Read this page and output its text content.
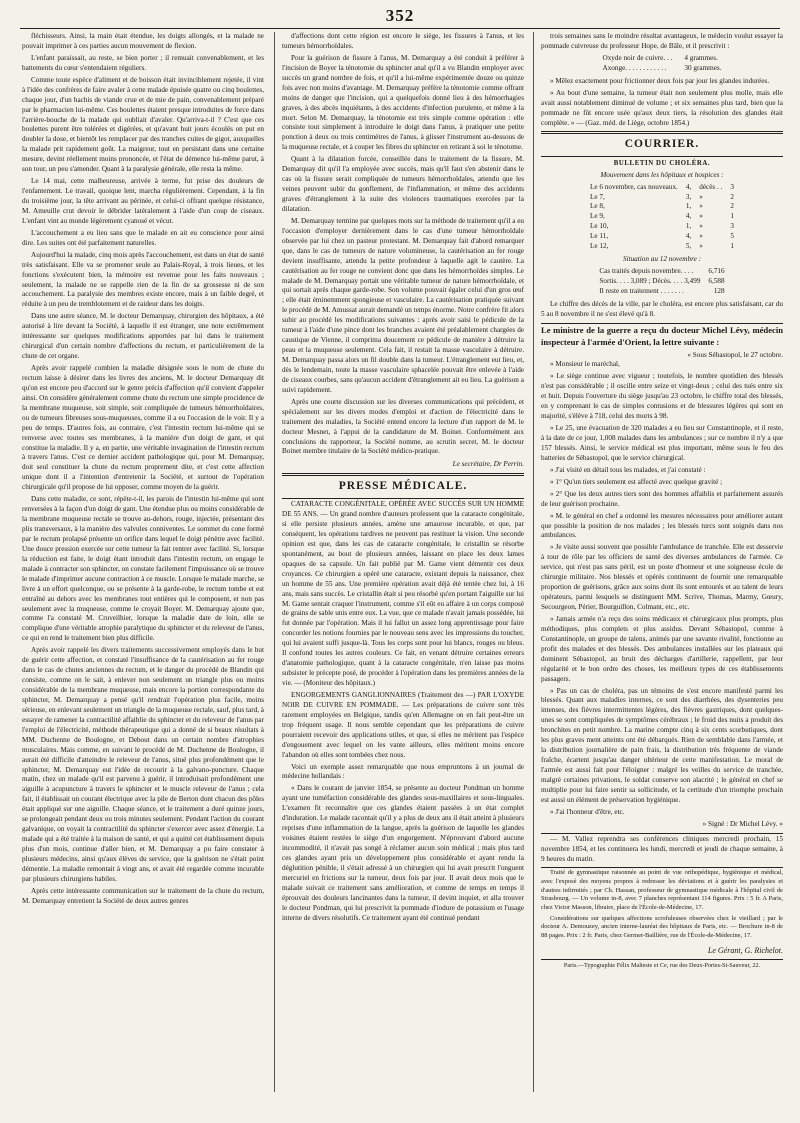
352

fléchisseurs. Ainsi, la main était étendue, les doigts allongés, et la malade ne pouvait imprimer à ces parties aucun mouvement de flexion.

L'enfant paraissait, au reste, se bien porter ; il remuait convenablement, et les battements du cœur s'entendaient réguliers.

Comme toute espèce d'aliment et de boisson était invinciblement rejetée, il vint à l'idée des confrères de faire avaler à cette malade épuisée quatre ou cinq boulettes, chaque jour, d'un hachis de viande crue et de mie de pain, convenablement préparé par le pharmacien lui-même. Ces boulettes étaient presque introduites de force dans l'arrière-bouche de la malade qui oubliait d'avaler. Qu'arriva-t-il ? C'est que ces boulettes purent être tolérées et digérées, et qu'avant huit jours écoulés on put en doubler la dose, et bientôt les remplacer par des tranches cuites de gigot, auxquelles la malade prit rapidement goût. La maigreur, tout en persistant dans une certaine mesure, devint réellement moins prononcée, et l'état de démence lui-même parut, à son tour, un peu s'amender. Quant à la paralysie générale, elle resta la même.

Le 14 mai, cette malheureuse, arrivée à terme, fut prise des douleurs de l'enfantement. Le travail, quoique lent, marcha régulièrement. Cependant, à la fin du troisième jour, la tête arrivant au périnée, et celui-ci offrant quelque résistance, M. Ameuille crut devoir le débrider latéralement à l'aide d'un coup de ciseaux. L'enfant vint au monde légèrement cyanosé et vécut.

L'accouchement a eu lieu sans que le malade en ait eu conscience pour ainsi dire. Les suites ont été parfaitement naturelles.

Aujourd'hui la malade, cinq mois après l'accouchement, est dans un état de santé très satisfaisant. Elle va se promener seule au Palais-Royal, à trois lieues, et les fonctions s'exécutent bien, la mémoire est revenue pour les faits nouveaux ; seulement, la malade ne se rappelle rien de la fin de sa grossesse ni de son accouchement. La paralysie des membres existe encore, mais à un faible degré, et réduite à un peu de tremblotement et de raideur dans les doigts.

Dans une autre séance, M. le docteur Demarquay, chirurgien des hôpitaux, a été autorisé à lire devant la Société, à laquelle il est étranger, une note extrêmement intéressante sur quelques modifications apportées par lui dans le traitement chirurgical d'un certain nombre d'affections du rectum, et particulièrement de la chute de cet organe.

Après avoir rappelé combien la maladie désignée sous le nom de chute du rectum laisse à désirer dans les livres des anciens, M. le docteur Demarquay dit qu'on est encore peu d'accord sur le genre précis d'affection qu'il convient d'appeler ainsi. On considère généralement comme chute du rectum une simple procidence de la membrane muqueuse, soit simple, soit compliquée de tumeurs hémorrhoïdaires, ou de tumeurs fibreuses sous-muqueuses, comme il a eu l'occasion de le voir. Il y a peu de temps. D'autres fois, au contraire, c'est l'intestin rectum lui-même qui se renverse avec toutes ses membranes, à la manière d'un doigt de gant, et qui constitue la maladie. Il y a, en partie, une véritable invagination de l'intestin rectum à travers l'anus. C'est ce dernier accident pathologique qui, pour M. Demarquay, doit seul constituer la chute du rectum proprement dite, et c'est cette affection unique dont il a l'intention d'entretenir la Société, et surtout de l'opération chirurgicale qu'il propose de lui opposer, comme moyen de la guérir.

Dans cette maladie, ce sont, répète-t-il, les parois de l'intestin lui-même qui sont renversées à la façon d'un doigt de gant. Une étendue plus ou moins considérable de la membrane muqueuse rectale se trouve au-dehors, rouge, injectée, présentant des plis transversaux, à la manière des valvules conniventes. Le sommet du cone formé par le rectum prolapsé présente un orifice dans lequel le doigt pénètre avec facilité. Une douce pression exercée sur cette tumeur la fait rentrer avec facilité. Si, lorsque la réduction est faite, le doigt étant introduit dans l'intestin rectum, on engage le malade à contracter son sphincter, on constate facilement l'impuissance où se trouve le malade d'imprimer aucune contraction à ce muscle. Lorsque le malade marche, se livre à un effort quelconque, ou se présente à la garde-robe, le rectum tombe et est entraîné au dehors avec les membranes tout entières qui le composent, et non pas seulement avec la muqueuse, comme le croyait Boyer. M. Demarquay ajoute que, comme l'a constaté M. Cruveilhier, lorsque la maladie date de loin, elle se complique d'une véritable atrophie paralytique du sphincter et du releveur de l'anus, ce qui en rend le traitement bien plus difficile.

Après avoir rappelé les divers traitements successivement employés dans le but de guérir cette affection, et constaté l'insuffisance de la cautérisation au fer rouge dans le cas de chutes anciennes du rectum, et le danger du procédé de Blandin qui consiste, comme on le sait, à enlever non seulement un triangle plus ou moins considérable de la membrane muqueuse, mais encore la portion correspondante du sphincter, M. Demarquay a pensé qu'il rendrait l'opération plus facile, moins sérieuse, en enlevant seulement un triangle de la muqueuse rectale, sauf, plus tard, à essayer de ramener la contractilité affaiblie du sphincter et du releveur de l'anus par l'emploi de l'électricité, méthode thérapeutique qui a donné de si beaux résultats à MM. Duchenne de Boulogne, et Debout dans un certain nombre d'atrophies musculaires. Mais comme, en suivant le procédé de M. Duchenne de Boulogne, il aurait été difficile d'atteindre le releveur de l'anus, situé plus profondément que le sphincter, M. Demarquay eut l'idée de recourir à la galvano-puncture. Chaque matin, chez un malade qu'il est parvenu à guérir, il introduisait profondément une aiguille à acupuncture à travers le sphincter et le muscle releveur de l'anus ; cela fait, il établissait un courant électrique avec la pile de Berton dont chacun des pôles était appliqué sur une aiguille. Chaque séance, et le traitement a duré quinze jours, se prolongeait pendant deux ou trois minutes seulement. Pendant l'action du courant galvanique, on voyait la contractilité du sphincter s'exercer avec assez d'énergie. La malade qui a été traitée à la maison de santé, et qui a quitté cet établissement depuis plus d'un mois, continue d'aller bien, et M. Demarquay a pu faire constater à plusieurs médecins, ainsi qu'aux élèves du service, que la guérison ne s'était point démentie. La maladie remontait à vingt ans, et avait été regardée comme incurable par plusieurs chirurgiens habiles.

Après cette intéressante communication sur le traitement de la chute du rectum, M. Demarquay entretient la Société de deux autres genres

d'affections dont cette région est encore le siège, les fissures à l'anus, et les tumeurs hémorrhoïdales.

Pour la guérison de fissure à l'anus, M. Demarquay a été conduit à préférer à l'incision de Boyer la ténotomie du sphincter anal qu'il a vu Blandin employer avec succès un grand nombre de fois, et qu'il a lui-même expérimentée douze ou quinze fois avec non moins d'avantage. M. Demarquay préfère la ténotomie comme offrant moins de danger que l'incision, qui a quelquefois donné lieu à des hémorrhagies graves, à des abcès inquiétants, à des accidents d'infection purulente, et même à la mort. Selon M. Demarquay, la ténotomie est très simple comme opération : elle consiste tout simplement à introduire le doigt dans l'anus, à pratiquer une petite ponction à deux ou trois centimètres de l'anus, à glisser l'instrument au-dessous de la muqueuse rectale, et à couper les fibres du sphincter en retirant à soi le ténotome.

Quant à la dilatation forcée, conseillée dans le traitement de la fissure, M. Demarquay dit qu'il l'a employée avec succès, mais qu'il faut s'en abstenir dans le cas où la fissure serait compliquée de tumeurs hémorrhoïdales, attendu que les veines peuvent subir du gonflement, de l'inflammation, et même des accidents graves d'étranglement à la suite des violences traumatiques exercées par la dilatation.

M. Demarquay termine par quelques mots sur la méthode de traitement qu'il a eu l'occasion d'employer dernièrement dans le cas d'une tumeur hémorrhoïdale observée par lui chez un pasteur protestant. M. Demarquay fait d'abord remarquer que, dans le cas de tumeurs de nature volumineuse, la cautérisation au fer rouge devient insuffisante, attendu la petite profondeur à laquelle agit le cautère. La cautérisation au fer rouge ne convient donc que dans les hémorrhoïdes simples. Le malade de M. Demarquay portait une véritable tumeur de nature hémorrhoïdale, et qui sortait après chaque garde-robe. Son volume pouvait égaler celui d'un gros œuf ; elle était éminemment spongieuse et vasculaire. La cautérisation pratiquée suivant le procédé de M. Amussat aurait demandé un temps énorme. Notre confrère fit alors subir au procédé les modifications suivantes : après avoir saisi le pédicule de la tumeur à l'aide d'une pince dont les branches avaient été préalablement chargées de caustique de Vienne, il comprima doucement ce pédicule de manière à détruire la peau et la muqueuse seulement. Cela fait, il restait la masse vasculaire à détruire. M. Demarquay passa alors un fil double dans la tumeur. L'étranglement eut lieu, et, dès le lendemain, toute la masse vasculaire sphacelée pouvait être enlevée à l'aide de ciseaux courbes, sans qu'aucun accident d'étranglement ait eu lieu. La guérison a suivi rapidement.

Après une courte discussion sur les diverses communications qui précèdent, et spécialement sur les divers modes d'emploi et d'action de l'électricité dans le traitement des maladies, la Société entend encore la lecture d'un rapport de M. le docteur Mesnet, à l'appui de la candidature de M. Boinet. Conformément aux conclusions du rapporteur, la Société nomme, au scrutin secret, M. le docteur Boinet membre titulaire de la Société médico-pratique.

Le secrétaire, Dr Perrin.
PRESSE MÉDICALE.

CATARACTE CONGÉNITALE, OPÉRÉE AVEC SUCCÈS SUR UN HOMME DE 55 ANS. — Un grand nombre d'auteurs professent que la cataracte congénitale, si elle persiste plusieurs années, amène une amaurose incurable, et que, par conséquent, les opérations tardives ne peuvent pas restituer la vision. Une seconde opinion est que, dans les cas de cataracte congénitale, le cristallin se résorbe spontanément, au bout de plusieurs années, laissant en place les deux lames opaques de sa capsule. Un fait publié par M. Game vient démentir ces deux croyances. Ce chirurgien a opéré une cataracte, existant depuis la naissance, chez un homme de 55 ans. Une première opération avait déjà été tentée chez lui, à 16 ans, mais sans succès. Le cristallin était si peu résorbé qu'en portant l'aiguille sur lui M. Game sentait craquer l'instrument, comme s'il eût eu affaire à un corps composé de grains de sable unis entre eux. La vue, que ce malade n'avait jamais possédée, lui fut donnée par l'opération. Mais il lui fallut un assez long apprentissage pour faire concorder les notions fournies par le nouveau sens avec les impressions du toucher, qui lui avaient suffi jusque-là. Tous les corps sont pour lui blancs, rouges ou bleus. Il confond toutes les autres couleurs. Ce fait, en venant détruire certaines erreurs d'anatomie pathologique, quant à la cataracte congénitale, n'en laisse pas moins subsister le précepte posé, de procéder à l'opération dans les premières années de la vie. — (Moniteur des hôpitaux.)

ENGORGEMENTS GANGLIONNAIRES (Traitement des —) PAR L'OXYDE NOIR DE CUIVRE EN POMMADE. — Les préparations de cuivre sont très rarement employées en Belgique, tandis qu'en Allemagne on en fait peut-être un trop fréquent usage. Il nous semble cependant que les préparations de cuivre pourraient recevoir des applications utiles, et que, si elles ne méritent pas l'espèce d'engouement avec lequel on les vante ailleurs, elles méritent moins encore l'abandon où elles sont tombées chez nous.

Voici un exemple assez remarquable que nous empruntons à un journal de médecine hollandais :

« Dans le courant de janvier 1854, se présente au docteur Pondman un homme ayant une tuméfaction considérable des glandes sous-maxillaires et sous-linguales. L'examen fit reconnaître que ces glandes étaient passées à un état complet d'induration. Le malade racontait qu'il y a plus de deux ans il était atteint à plusieurs reprises d'une inflammation de la langue, après la guérison de laquelle les glandes voisines étaient restées le siège d'un engorgement. N'éprouvant d'abord aucune incommodité, il n'avait pas songé à réclamer aucun soin médical ; mais plus tard ces glandes ayant pris un développement plus considérable et ayant rendu la déglutition pénible, il s'était adressé à un chirurgien qui lui avait prescrit l'onguent mercuriel en frictions sur la tumeur, deux fois par jour. Il avait deux mois que le malade suivait ce traitement sans amélioration, et comme de temps en temps il éprouvait des douleurs lancinantes dans la tumeur, il devint inquiet, et alla trouver le docteur Pondman, qui lui prescrivit la pommade d'iodure de potassium et l'usage interne de divers résolutifs. Ce traitement ayant été continué pendant

trois semaines sans le moindre résultat avantageux, le médecin voulut essayer la pommade cuivreuse du professeur Hope, de Bâle, et il prescrivit :

Oxyde noir de cuivre. . .	4 grammes.
Axonge. . . . . . . . . . . .	30 grammes.

» Mêlez exactement pour frictionner deux fois par jour les glandes indurées.

» Au bout d'une semaine, la tumeur était non seulement plus molle, mais elle avait aussi notablement diminué de volume ; et six semaines plus tard, bien que la pommade ne fût encore usée qu'aux deux tiers, la résolution des glandes était complète. » — (Gaz. méd. de Liège, octobre 1854.)

COURRIER.
BULLETIN DU CHOLÉRA.
Mouvement dans les hôpitaux et hospices :
Le 6 novembre, cas nouveaux.	4,	décès . .	3
Le 7,	3,	»	2
Le 8,	1,	»	2
Le 9,	4,	»	1
Le 10,	1,	»	3
Le 11,	4,	»	5
Le 12,	5,	»	1
Situation au 12 novembre :
Cas traités depuis novembre. . . .	6,716
Sortis. . . . 3,089 ; Décès. . . . 3,499	6,588
Il reste en traitement . . . . . . .	128

Le chiffre des décès de la ville, par le choléra, est encore plus satisfaisant, car du 5 au 8 novembre il ne s'est élevé qu'à 8.

Le ministre de la guerre a reçu du docteur Michel Lévy, médecin inspecteur à l'armée d'Orient, la lettre suivante :

« Sous Sébastopol, le 27 octobre.

» Monsieur le maréchal,

» Le siège continue avec vigueur ; toutefois, le nombre quotidien des blessés n'est pas considérable ; il oscille entre seize et vingt-deux ; celui des tués entre six et huit. Depuis l'ouverture du siège jusqu'au 23 octobre, le chiffre total des blessés, en y comprenant le cas de simples contusions et de blessures légères qui sont en majorité, s'élève à 718, celui des morts à 98.

» Le 25, une évacuation de 320 malades a eu lieu sur Constantinople, et il reste, à la date de ce jour, 1,008 malades dans les ambulances ; sur ce nombre il n'y a que 157 blessés. Ainsi, le service médical est plus important, même sous le feu des batteries de Sébastopol, que le service chirurgical.

» J'ai visité en détail tous les malades, et j'ai constaté :

» 1° Qu'un tiers seulement est affecté avec quelque gravité ;

» 2° Que les deux autres tiers sont des hommes affaiblis et parfaitement assurés de leur guérison prochaine.

» M. le général en chef a ordonné les mesures nécessaires pour améliorer autant que possible la position de nos malades ; les blessés turcs sont soignés dans nos ambulances.

» Je visite aussi souvent que possible l'ambulance de tranchée. Elle est desservie à tour de rôle par les officiers de santé des diverses ambulances de l'armée. Ce service, qui n'est pas sans péril, est un poste d'honneur et une soigneuse école de chirurgie militaire. Nos blessés et opérés continuent de fournir une remarquable proportion de guérisons, grâce aux soins dont ils sont entourés et au talent de leurs opérateurs, parmi lesquels se distinguent MM. Scrive, Thomas, Marmy, Gœury, Secourgeon, Périer, Bourguillon, Colmant, etc., etc.

» Jamais armée n'a reçu des soins médicaux et chirurgicaux plus prompts, plus méthodiques, plus complets et plus assidus. Devant Sébastopol, comme à Constantinople, un groupe de talens, animés par une savante rivalité, fonctionne au profit des malades et des blessés. Des ambulances installées sur les plateaux qui dominent Sébastopol, au bruit des décharges d'artillerie, rappellent, par leur régularité et le bon ordre des choses, les meilleurs types de ces établissements passagers.

» Pas un cas de choléra, pas un témoins de s'est encore manifesté parmi les blessés. Quant aux maladies internes, ce sont des diarrhées, des dysenteries peu intenses, des fièvres intermittentes légères, des fièvres gastriques, dont quelques-unes se sont compliquées de symptômes cérébraux ; le froid des nuits a produit des bronchites en petit nombre. La marine compte cinq à six cents scorbutiques, dont les plus graves ment atteints ont été débarqués. Rien de semblable dans l'armée, et la distribution journalière de pain frais, la distribution très fréquente de viande fraîche, écartent jusqu'au danger ultérieur de cette manifestation. Le moral de l'armée est aussi fait pour l'éloigner : malgré les veilles du service de tranchée, malgré certaines privations, le soldat conserve son alacrité ; le général en chef se multiplie pour lui faire sentir sa sollicitude, et la certitude d'un triomphe prochain est aussi un élément de préservation hygiénique.

» J'ai l'honneur d'être, etc.

» Signé : Dr Michel Lévy. »

— M. Vallez reprendra ses conférences cliniques mercredi prochain, 15 novembre 1854, et les continuera les lundi, mercredi et jeudi de chaque semaine, à 9 heures du matin.

Traité de gymnastique raisonnée au point de vue orthopédique, hygiénique et médical, avec l'exposé des moyens propres à redresser les déviations et à guérir les paralysies et d'autres infirmités ; par Ch. Hassan, professeur de gymnastique médicale à l'hôpital civil de Strasbourg. — Un volume in-8, avec 7 planches représentant 114 figures. Prix : 5 fr. A Paris, chez Victor Masson, libraire, place de l'École-de-Médecine, 17.

Considérations sur quelques affections scrofuleuses observées chez le vieillard ; par le docteur A. Demouzey, ancien interne-lauréat des hôpitaux de Paris, etc. — Brochure in-8 de 88 pages. Prix : 2 fr. Paris, chez Germer-Baillière, rue de l'École-de-Médecine, 17.

Le Gérant, G. Richelot.
Paris.—Typographie Félix Malteste et Ce, rue des Deux-Portes-St-Sauveur, 22.
